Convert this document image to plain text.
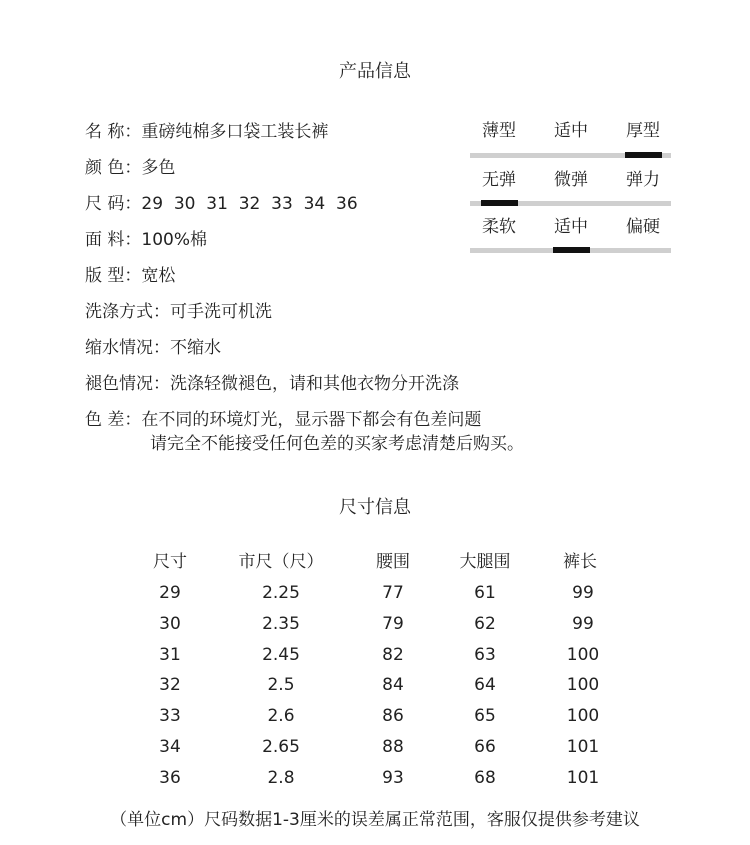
产品信息
名 称：重磅纯棉多口袋工装长裤
颜 色：多色
尺 码：29  30  31  32  33  34  36
面 料：100%棉
版 型：宽松
洗涤方式：可手洗可机洗
缩水情况：不缩水
褪色情况：洗涤轻微褪色，请和其他衣物分开洗涤
色 差：在不同的环境灯光，显示器下都会有色差问题
请完全不能接受任何色差的买家考虑清楚后购买。
薄型	适中	厚型
无弹	微弹	弹力
柔软	适中	偏硬
尺寸信息
尺寸	市尺（尺）	腰围	大腿围	裤长
29	2.25	77	61	99
30	2.35	79	62	99
31	2.45	82	63	100
32	2.5	84	64	100
33	2.6	86	65	100
34	2.65	88	66	101
36	2.8	93	68	101
（单位cm）尺码数据1-3厘米的误差属正常范围，客服仅提供参考建议
